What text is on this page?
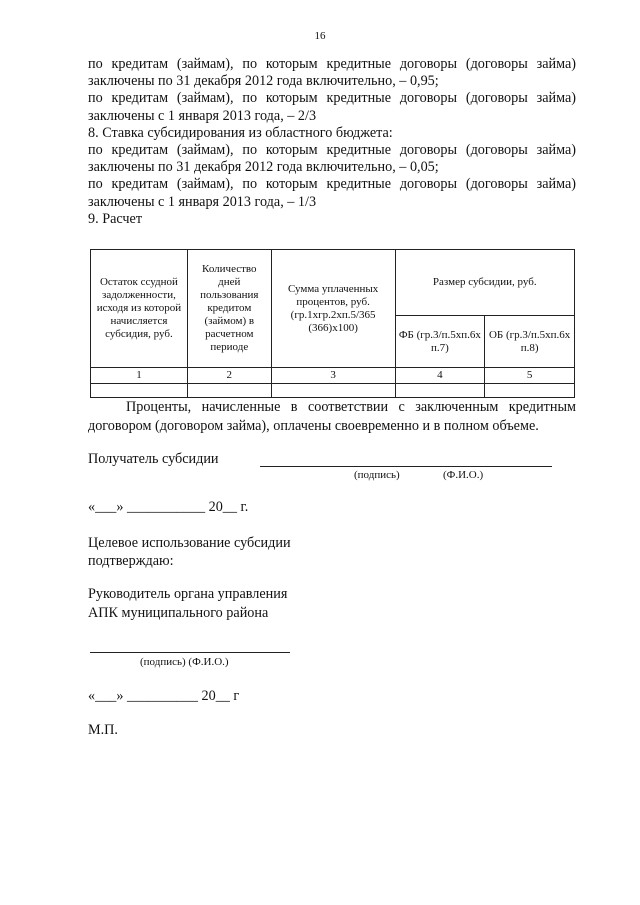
16

по кредитам (займам), по которым кредитные договоры (договоры займа) заключены по 31 декабря 2012 года включительно, – 0,95;

по кредитам (займам), по которым кредитные договоры (договоры займа) заключены с 1 января 2013 года, – 2/3

8. Ставка субсидирования из областного бюджета:

по кредитам (займам), по которым кредитные договоры (договоры займа) заключены по 31 декабря 2012 года включительно, – 0,05;

по кредитам (займам), по которым кредитные договоры (договоры займа) заключены с 1 января 2013 года, – 1/3

9. Расчет

Остаток ссудной задолженности, исходя из которой начисляется субсидия, руб.	Количество дней пользования кредитом (займом) в расчетном периоде	Сумма уплаченных процентов, руб. (гр.1хгр.2хп.5/365 (366)х100)	Размер субсидии, руб.	
			ФБ (гр.3/п.5хп.6х п.7)	ОБ (гр.3/п.5хп.6х п.8)
1	2	3	4	5

Проценты, начисленные в соответствии с заключенным кредитным договором (договором займа), оплачены своевременно и в полном объеме.
Получатель субсидии
(подпись)	(Ф.И.О.)
«___» ___________ 20__ г.
Целевое использование субсидии
подтверждаю:
Руководитель органа управления
АПК муниципального района
(подпись) (Ф.И.О.)
«___» __________ 20__ г
М.П.
